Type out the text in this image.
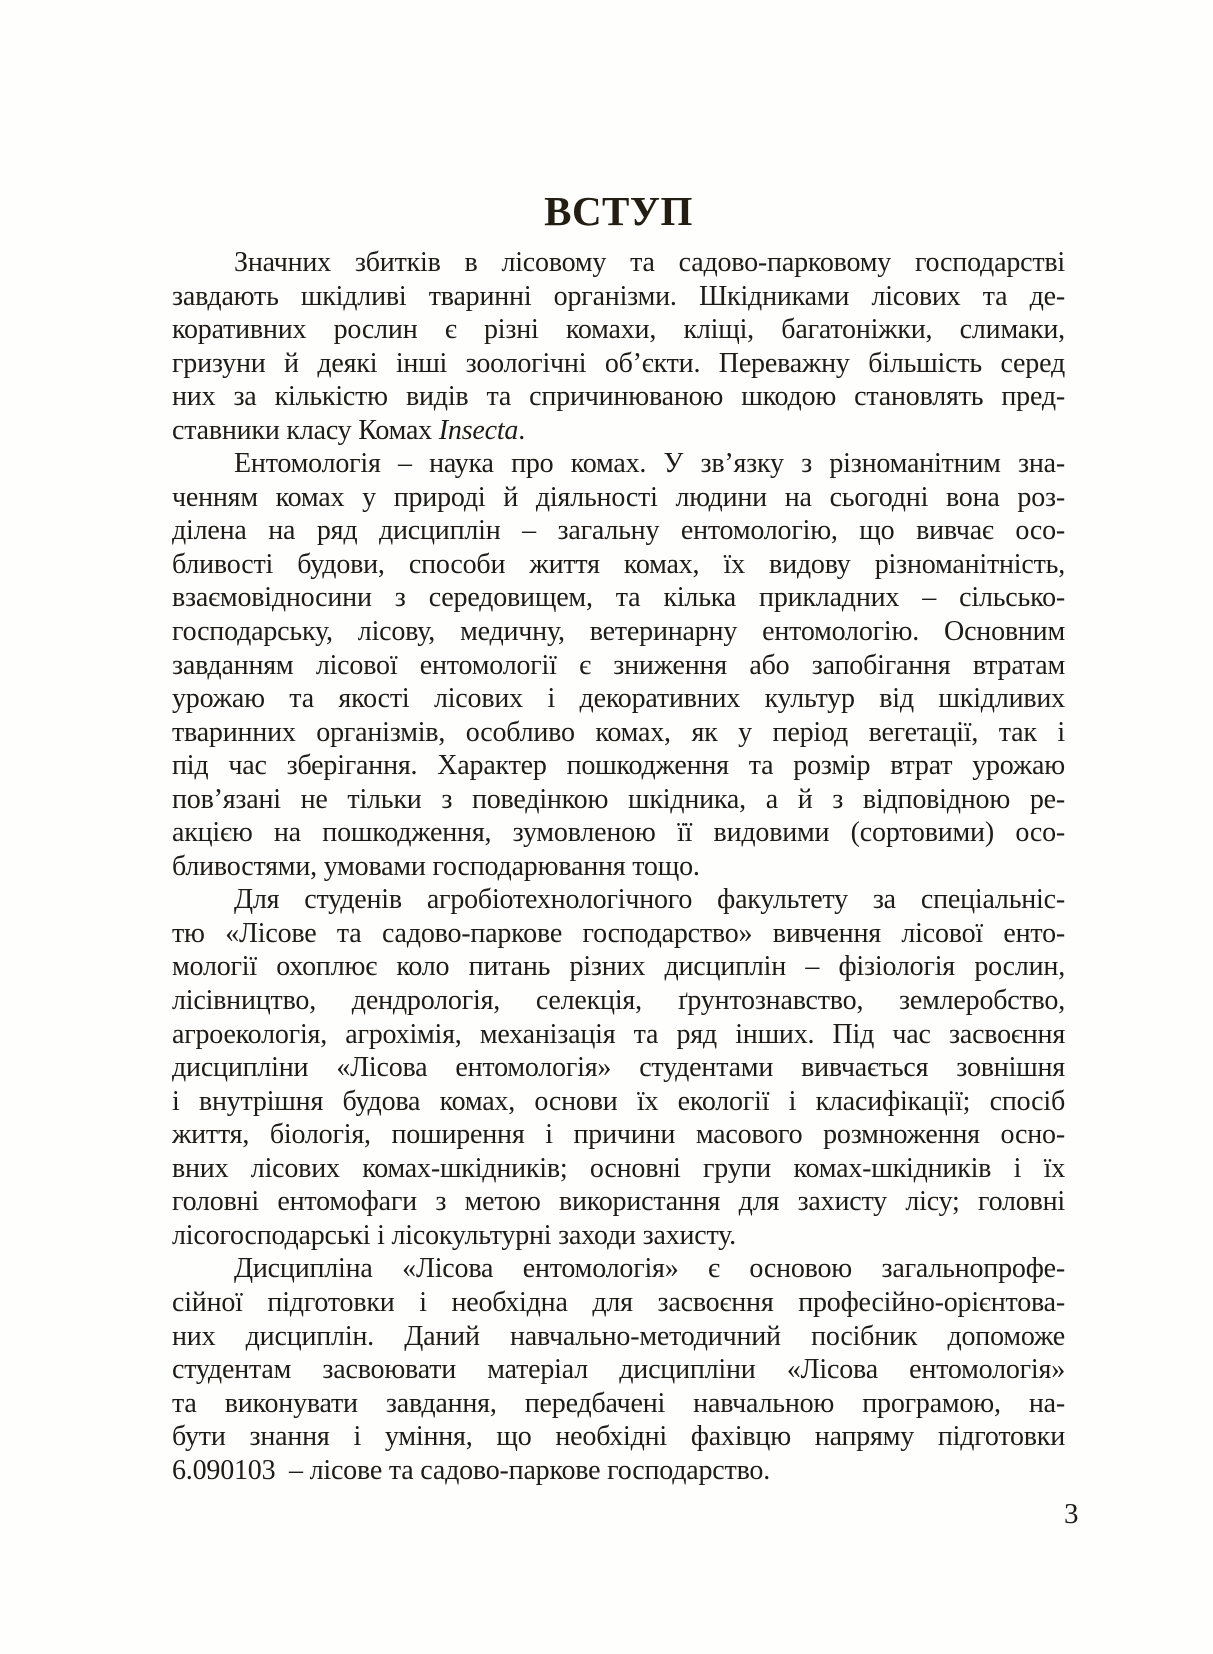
ВСТУП
Значних збитків в лісовому та садово-парковому господарстві
завдають шкідливі тваринні організми. Шкідниками лісових та де-
коративних рослин є різні комахи, кліщі, багатоніжки, слимаки,
гризуни й деякі інші зоологічні об’єкти. Переважну більшість серед
них за кількістю видів та спричинюваною шкодою становлять пред-
ставники класу Комах Insecta.
Ентомологія – наука про комах. У зв’язку з різноманітним зна-
ченням комах у природі й діяльності людини на сьогодні вона роз-
ділена на ряд дисциплін – загальну ентомологію, що вивчає осо-
бливості будови, способи життя комах, їх видову різноманітність,
взаємовідносини з середовищем, та кілька прикладних – сільсько-
господарську, лісову, медичну, ветеринарну ентомологію. Основним
завданням лісової ентомології є зниження або запобігання втратам
урожаю та якості лісових і декоративних культур від шкідливих
тваринних організмів, особливо комах, як у період вегетації, так і
під час зберігання. Характер пошкодження та розмір втрат урожаю
пов’язані не тільки з поведінкою шкідника, а й з відповідною ре-
акцією на пошкодження, зумовленою її видовими (сортовими) осо-
бливостями, умовами господарювання тощо.
Для студенів агробіотехнологічного факультету за спеціальніс-
тю «Лісове та садово-паркове господарство» вивчення лісової енто-
мології охоплює коло питань різних дисциплін – фізіологія рослин,
лісівництво, дендрологія, селекція, ґрунтознавство, землеробство,
агроекологія, агрохімія, механізація та ряд інших. Під час засвоєння
дисципліни «Лісова ентомологія» студентами вивчається зовнішня
і внутрішня будова комах, основи їх екології і класифікації; спосіб
життя, біологія, поширення і причини масового розмноження осно-
вних лісових комах-шкідників; основні групи комах-шкідників і їх
головні ентомофаги з метою використання для захисту лісу; головні
лісогосподарські і лісокультурні заходи захисту.
Дисципліна «Лісова ентомологія» є основою загальнопрофе-
сійної підготовки і необхідна для засвоєння професійно-орієнтова-
них дисциплін. Даний навчально-методичний посібник допоможе
студентам засвоювати матеріал дисципліни «Лісова ентомологія»
та виконувати завдання, передбачені навчальною програмою, на-
бути знання і уміння, що необхідні фахівцю напряму підготовки
6.090103  – лісове та садово-паркове господарство.
3
